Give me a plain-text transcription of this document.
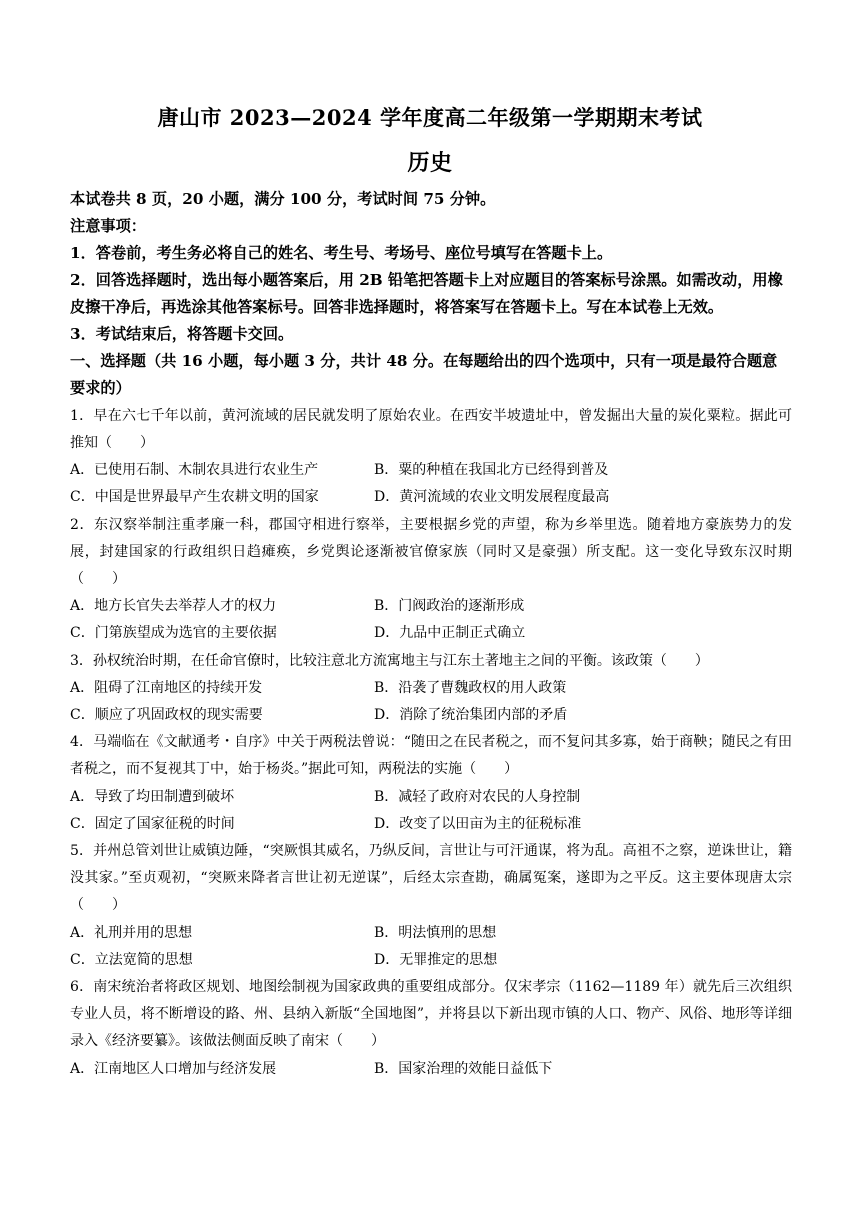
唐山市 2023—2024 学年度高二年级第一学期期末考试
历史
本试卷共 8 页，20 小题，满分 100 分，考试时间 75 分钟。
注意事项：
1．答卷前，考生务必将自己的姓名、考生号、考场号、座位号填写在答题卡上。
2．回答选择题时，选出每小题答案后，用 2B 铅笔把答题卡上对应题目的答案标号涂黑。如需改动，用橡皮擦干净后，再选涂其他答案标号。回答非选择题时，将答案写在答题卡上。写在本试卷上无效。
3．考试结束后，将答题卡交回。
一、选择题（共 16 小题，每小题 3 分，共计 48 分。在每题给出的四个选项中，只有一项是最符合题意要求的）
1．早在六七千年以前，黄河流域的居民就发明了原始农业。在西安半坡遗址中，曾发掘出大量的炭化粟粒。据此可推知（　　）
A．已使用石制、木制农具进行农业生产	B．粟的种植在我国北方已经得到普及
C．中国是世界最早产生农耕文明的国家	D．黄河流域的农业文明发展程度最高
2．东汉察举制注重孝廉一科，郡国守相进行察举，主要根据乡党的声望，称为乡举里选。随着地方豪族势力的发展，封建国家的行政组织日趋瘫痪，乡党舆论逐渐被官僚家族（同时又是豪强）所支配。这一变化导致东汉时期（　　）
A．地方长官失去举荐人才的权力	B．门阀政治的逐渐形成
C．门第族望成为选官的主要依据	D．九品中正制正式确立
3．孙权统治时期，在任命官僚时，比较注意北方流寓地主与江东土著地主之间的平衡。该政策（　　）
A．阻碍了江南地区的持续开发	B．沿袭了曹魏政权的用人政策
C．顺应了巩固政权的现实需要	D．消除了统治集团内部的矛盾
4．马端临在《文献通考・自序》中关于两税法曾说：“随田之在民者税之，而不复问其多寡，始于商鞅；随民之有田者税之，而不复视其丁中，始于杨炎。”据此可知，两税法的实施（　　）
A．导致了均田制遭到破坏	B．减轻了政府对农民的人身控制
C．固定了国家征税的时间	D．改变了以田亩为主的征税标准
5．并州总管刘世让威镇边陲，“突厥惧其威名，乃纵反间，言世让与可汗通谋，将为乱。高祖不之察，逆诛世让，籍没其家。”至贞观初，“突厥来降者言世让初无逆谋”，后经太宗查勘，确属冤案，遂即为之平反。这主要体现唐太宗（　　）
A．礼刑并用的思想	B．明法慎刑的思想
C．立法宽简的思想	D．无罪推定的思想
6．南宋统治者将政区规划、地图绘制视为国家政典的重要组成部分。仅宋孝宗（1162—1189 年）就先后三次组织专业人员，将不断增设的路、州、县纳入新版“全国地图”，并将县以下新出现市镇的人口、物产、风俗、地形等详细录入《经济要纂》。该做法侧面反映了南宋（　　）
A．江南地区人口增加与经济发展	B．国家治理的效能日益低下
